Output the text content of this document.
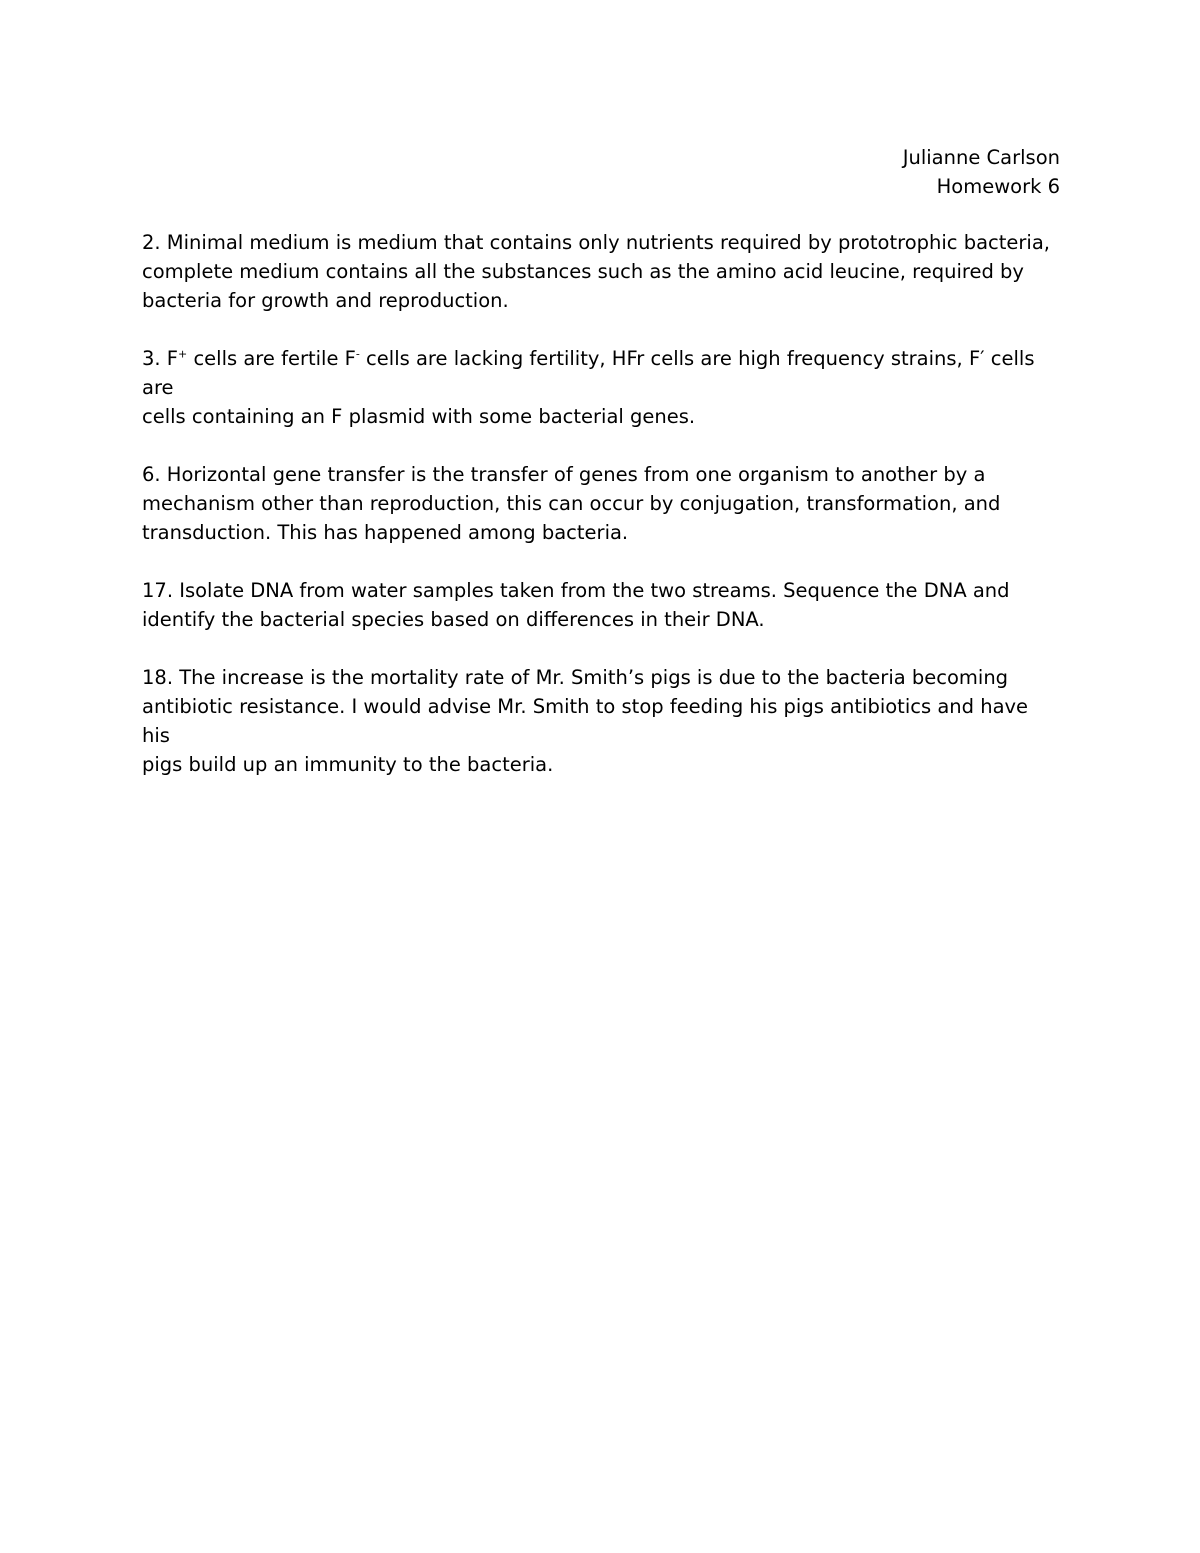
Julianne Carlson
Homework 6

2. Minimal medium is medium that contains only nutrients required by prototrophic bacteria,
complete medium contains all the substances such as the amino acid leucine, required by
bacteria for growth and reproduction.

3. F+ cells are fertile F- cells are lacking fertility, HFr cells are high frequency strains, F′ cells are
cells containing an F plasmid with some bacterial genes.

6. Horizontal gene transfer is the transfer of genes from one organism to another by a
mechanism other than reproduction, this can occur by conjugation, transformation, and
transduction. This has happened among bacteria.

17. Isolate DNA from water samples taken from the two streams. Sequence the DNA and
identify the bacterial species based on differences in their DNA.

18. The increase is the mortality rate of Mr. Smith’s pigs is due to the bacteria becoming
antibiotic resistance. I would advise Mr. Smith to stop feeding his pigs antibiotics and have his
pigs build up an immunity to the bacteria.
